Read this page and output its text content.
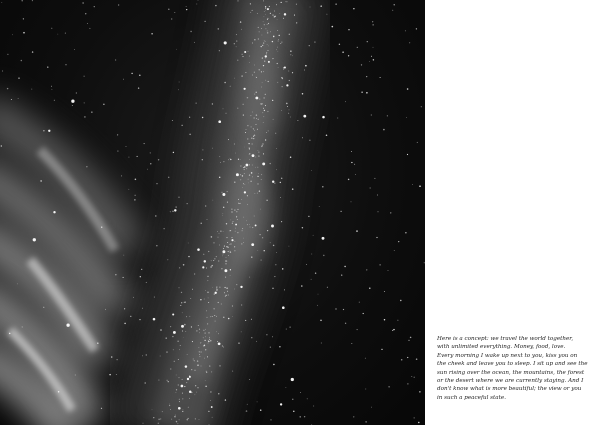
Here is a concept: we travel the world together,
with unlimited everything. Money, food, love.
Every morning I wake up next to you, kiss you on
the cheek and leave you to sleep. I sit up and see the
sun rising over the ocean, the mountains, the forest
or the desert where we are currently staying. And I
don't know what is more beautiful; the view or you
in such a peaceful state.
